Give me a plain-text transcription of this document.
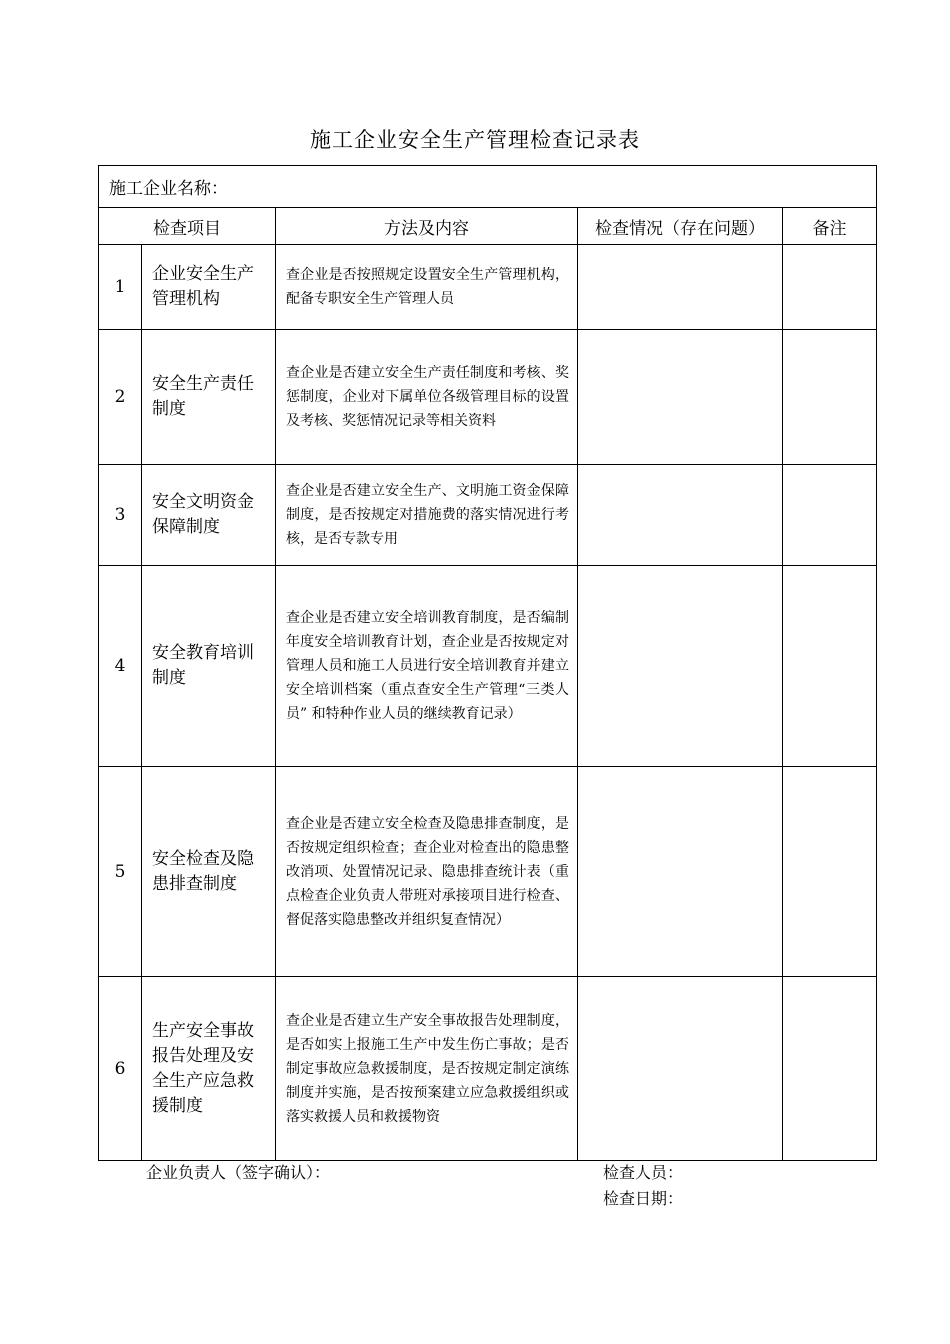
施工企业安全生产管理检查记录表
施工企业名称：				
检查项目		方法及内容	检查情况（存在问题）	备注
1	企业安全生产管理机构	查企业是否按照规定设置安全生产管理机构，配备专职安全生产管理人员		
2	安全生产责任制度	查企业是否建立安全生产责任制度和考核、奖惩制度，企业对下属单位各级管理目标的设置及考核、奖惩情况记录等相关资料		
3	安全文明资金保障制度	查企业是否建立安全生产、文明施工资金保障制度，是否按规定对措施费的落实情况进行考核，是否专款专用		
4	安全教育培训制度	查企业是否建立安全培训教育制度，是否编制年度安全培训教育计划，查企业是否按规定对管理人员和施工人员进行安全培训教育并建立安全培训档案（重点查安全生产管理“三类人员” 和特种作业人员的继续教育记录）		
5	安全检查及隐患排查制度	查企业是否建立安全检查及隐患排查制度，是否按规定组织检查；查企业对检查出的隐患整改消项、处置情况记录、隐患排查统计表（重点检查企业负责人带班对承接项目进行检查、督促落实隐患整改并组织复查情况）		
6	生产安全事故报告处理及安全生产应急救援制度	查企业是否建立生产安全事故报告处理制度，是否如实上报施工生产中发生伤亡事故；是否制定事故应急救援制度，是否按规定制定演练制度并实施，是否按预案建立应急救援组织或落实救援人员和救援物资		
企业负责人（签字确认）：	检查人员：
检查日期：
